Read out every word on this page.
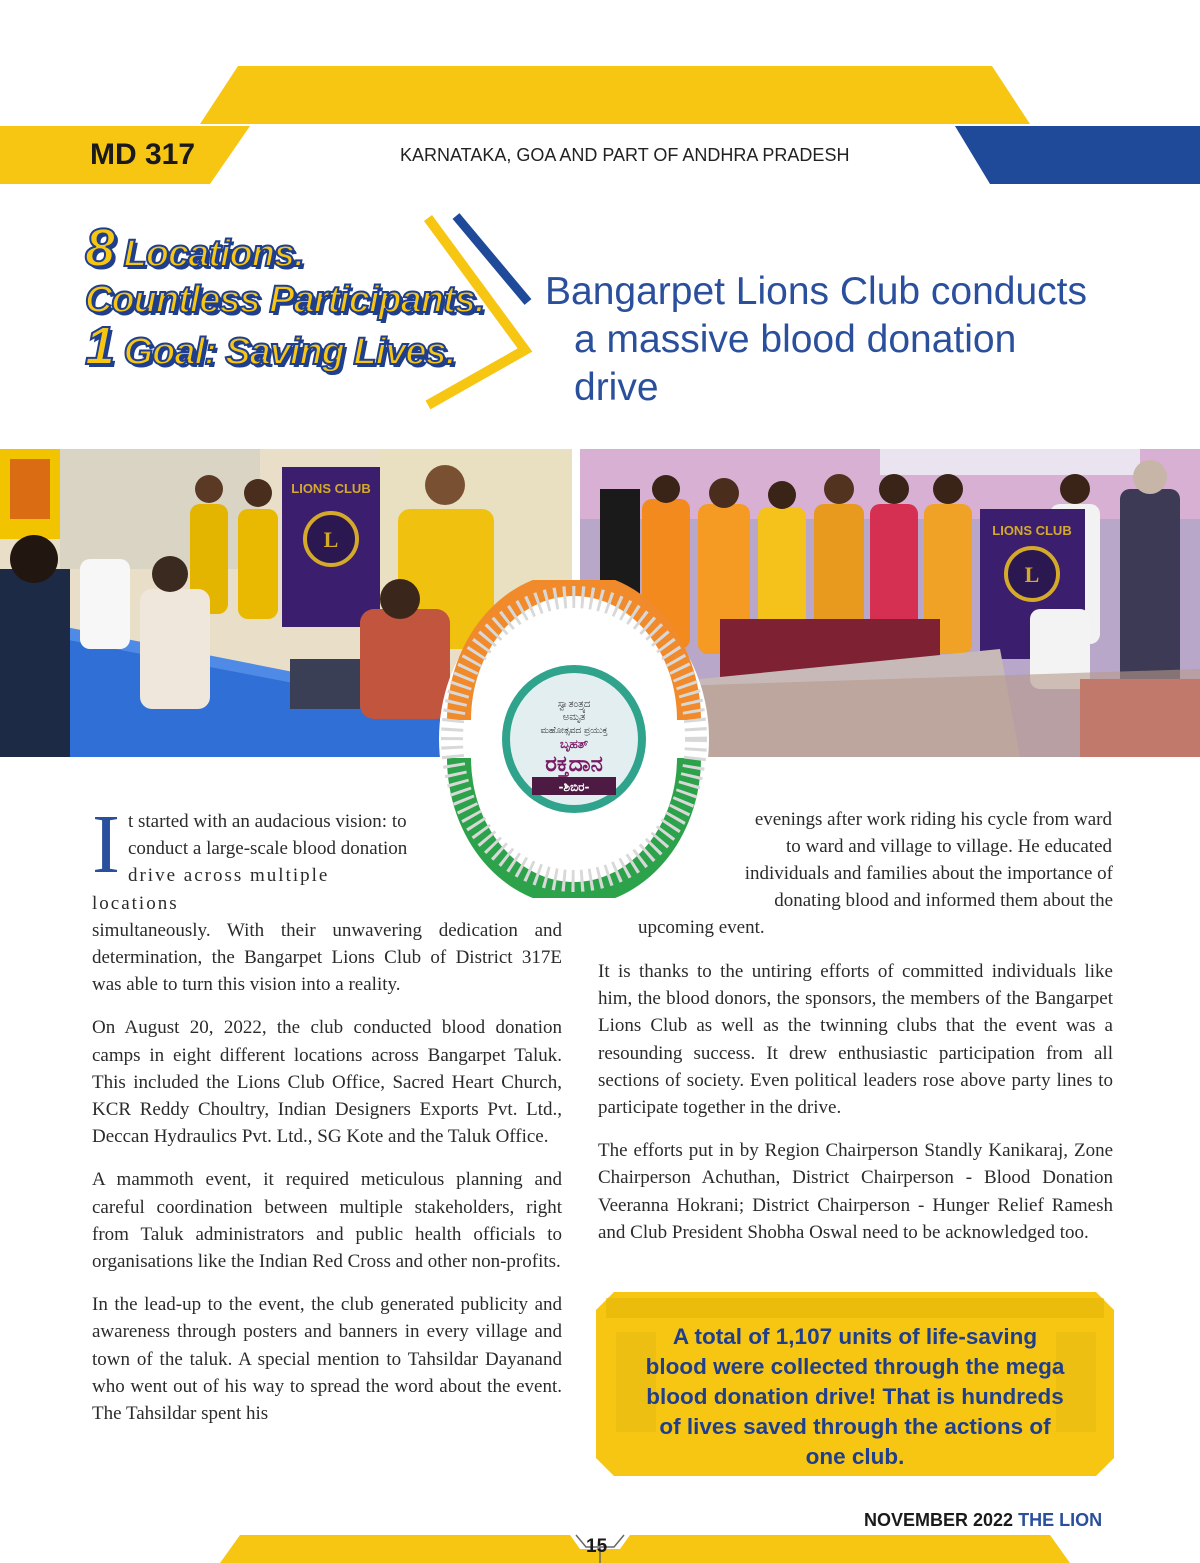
MD 317	KARNATAKA, GOA AND PART OF ANDHRA PRADESH
8 Locations.
Countless Participants.
1 Goal: Saving Lives.
Bangarpet Lions Club conducts
a massive blood donation drive
L
LIONS CLUB
L
LIONS CLUB
ಸ್ವಾತಂತ್ರ್ಯದ
ಅಮೃತ
ಮಹೋತ್ಸವದ ಪ್ರಯುಕ್ತ
ಬೃಹತ್
ರಕ್ತದಾನ
-ಶಿಬಿರ-
I t started with an audacious vision: to
conduct a large-scale blood donation
drive across multiple locations

simultaneously. With their unwavering dedication and determination, the Bangarpet Lions Club of District 317E was able to turn this vision into a reality.

On August 20, 2022, the club conducted blood donation camps in eight different locations across Bangarpet Taluk. This included the Lions Club Office, Sacred Heart Church, KCR Reddy Choultry, Indian Designers Exports Pvt. Ltd., Deccan Hydraulics Pvt. Ltd., SG Kote and the Taluk Office.

A mammoth event, it required meticulous planning and careful coordination between multiple stakeholders, right from Taluk administrators and public health officials to organisations like the Indian Red Cross and other non-profits.

In the lead-up to the event, the club generated publicity and awareness through posters and banners in every village and town of the taluk. A special mention to Tahsildar Dayanand who went out of his way to spread the word about the event. The Tahsildar spent his

evenings after work riding his cycle from ward
to ward and village to village. He educated
individuals and families about the importance of
donating blood and informed them about the
upcoming event.

It is thanks to the untiring efforts of committed individuals like him, the blood donors, the sponsors, the members of the Bangarpet Lions Club as well as the twinning clubs that the event was a resounding success. It drew enthusiastic participation from all sections of society. Even political leaders rose above party lines to participate together in the drive.

The efforts put in by Region Chairperson Standly Kanikaraj, Zone Chairperson Achuthan, District Chairperson - Blood Donation Veeranna Hokrani; District Chairperson - Hunger Relief Ramesh and Club President Shobha Oswal need to be acknowledged too.

A total of 1,107 units of life-saving blood were collected through the mega blood donation drive! That is hundreds of lives saved through the actions of one club.
NOVEMBER 2022 THE LION
15
